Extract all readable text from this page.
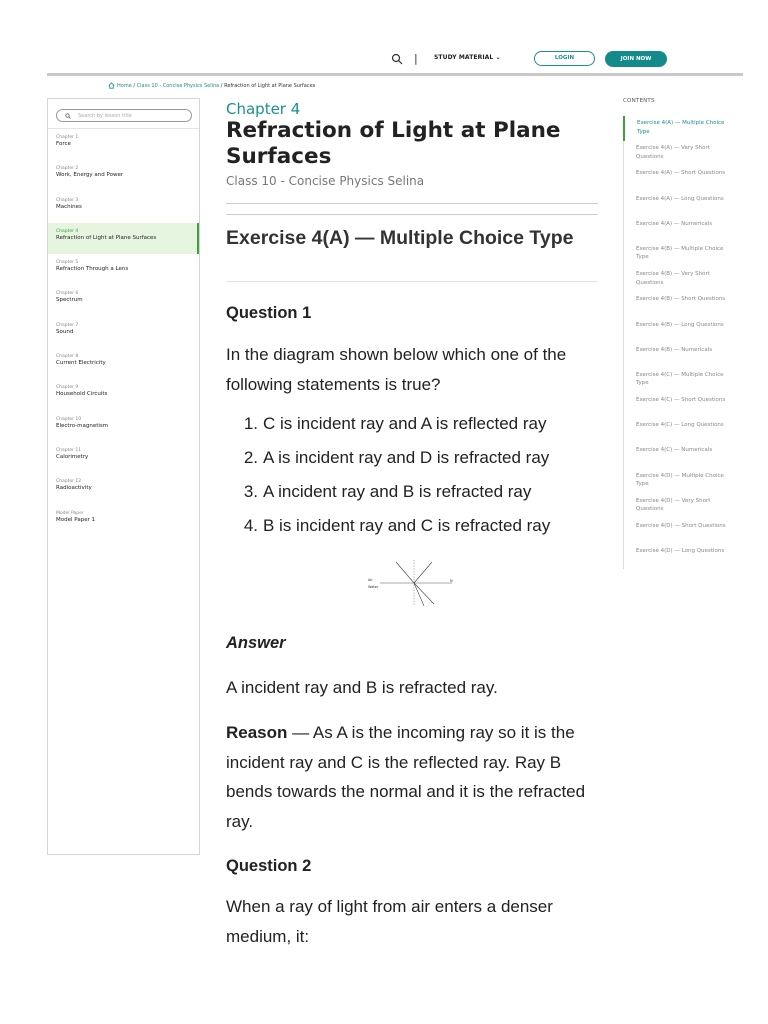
|	STUDY MATERIAL ⌄	LOGIN	JOIN NOW
Home / Class 10 - Concise Physics Selina / Refraction of Light at Plane Surfaces
Search by lesson title
Chapter 1
Force
Chapter 2
Work, Energy and Power
Chapter 3
Machines
Chapter 4
Refraction of Light at Plane Surfaces
Chapter 5
Refraction Through a Lens
Chapter 6
Spectrum
Chapter 7
Sound
Chapter 8
Current Electricity
Chapter 9
Household Circuits
Chapter 10
Electro-magnetism
Chapter 11
Calorimetry
Chapter 12
Radioactivity
Model Paper
Model Paper 1
Chapter 4
Refraction of Light at Plane Surfaces
Class 10 - Concise Physics Selina
Exercise 4(A) — Multiple Choice Type
Question 1

In the diagram shown below which one of the following statements is true?

1. C is incident ray and A is reflected ray
2. A is incident ray and D is refracted ray
3. A incident ray and B is refracted ray
4. B is incident ray and C is refracted ray
Air
Water
N
Answer

A incident ray and B is refracted ray.

Reason — As A is the incoming ray so it is the incident ray and C is the reflected ray. Ray B bends towards the normal and it is the refracted ray.

Question 2

When a ray of light from air enters a denser medium, it:

CONTENTS
Exercise 4(A) — Multiple Choice Type
Exercise 4(A) — Very Short Questions
Exercise 4(A) — Short Questions
Exercise 4(A) — Long Questions
Exercise 4(A) — Numericals
Exercise 4(B) — Multiple Choice Type
Exercise 4(B) — Very Short Questions
Exercise 4(B) — Short Questions
Exercise 4(B) — Long Questions
Exercise 4(B) — Numericals
Exercise 4(C) — Multiple Choice Type
Exercise 4(C) — Short Questions
Exercise 4(C) — Long Questions
Exercise 4(C) — Numericals
Exercise 4(D) — Multiple Choice Type
Exercise 4(D) — Very Short Questions
Exercise 4(D) — Short Questions
Exercise 4(D) — Long Questions
